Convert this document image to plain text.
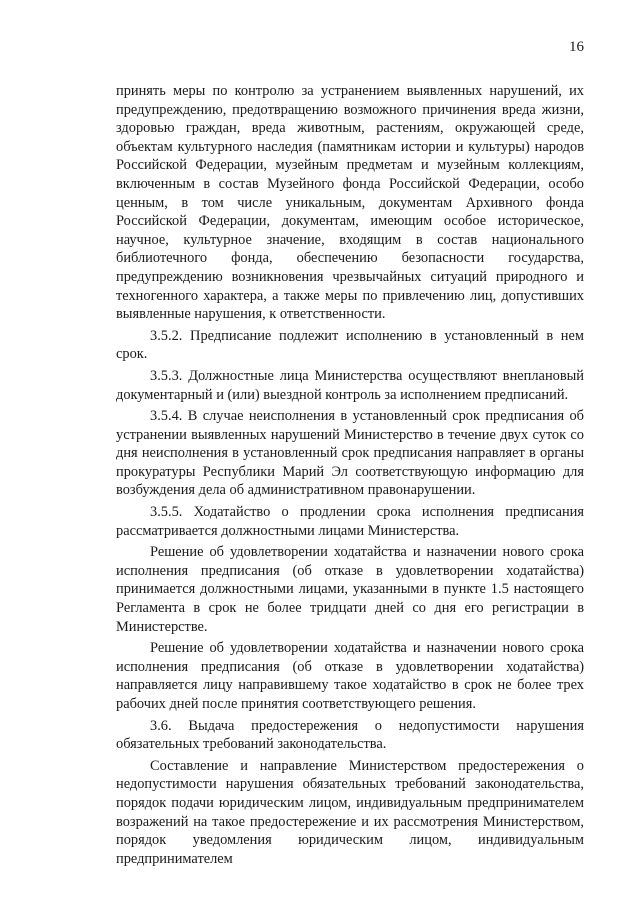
16

принять меры по контролю за устранением выявленных нарушений, их предупреждению, предотвращению возможного причинения вреда жизни, здоровью граждан, вреда животным, растениям, окружающей среде, объектам культурного наследия (памятникам истории и культуры) народов Российской Федерации, музейным предметам и музейным коллекциям, включенным в состав Музейного фонда Российской Федерации, особо ценным, в том числе уникальным, документам Архивного фонда Российской Федерации, документам, имеющим особое историческое, научное, культурное значение, входящим в состав национального библиотечного фонда, обеспечению безопасности государства, предупреждению возникновения чрезвычайных ситуаций природного и техногенного характера, а также меры по привлечению лиц, допустивших выявленные нарушения, к ответственности.

3.5.2. Предписание подлежит исполнению в установленный в нем срок.

3.5.3. Должностные лица Министерства осуществляют внеплановый документарный и (или) выездной контроль за исполнением предписаний.

3.5.4. В случае неисполнения в установленный срок предписания об устранении выявленных нарушений Министерство в течение двух суток со дня неисполнения в установленный срок предписания направляет в органы прокуратуры Республики Марий Эл соответствующую информацию для возбуждения дела об административном правонарушении.

3.5.5. Ходатайство о продлении срока исполнения предписания рассматривается должностными лицами Министерства.

Решение об удовлетворении ходатайства и назначении нового срока исполнения предписания (об отказе в удовлетворении ходатайства) принимается должностными лицами, указанными в пункте 1.5 настоящего Регламента в срок не более тридцати дней со дня его регистрации в Министерстве.

Решение об удовлетворении ходатайства и назначении нового срока исполнения предписания (об отказе в удовлетворении ходатайства) направляется лицу направившему такое ходатайство в срок не более трех рабочих дней после принятия соответствующего решения.

3.6. Выдача предостережения о недопустимости нарушения обязательных требований законодательства.

Составление и направление Министерством предостережения о недопустимости нарушения обязательных требований законодательства, порядок подачи юридическим лицом, индивидуальным предпринимателем возражений на такое предостережение и их рассмотрения Министерством, порядок уведомления юридическим лицом, индивидуальным предпринимателем
